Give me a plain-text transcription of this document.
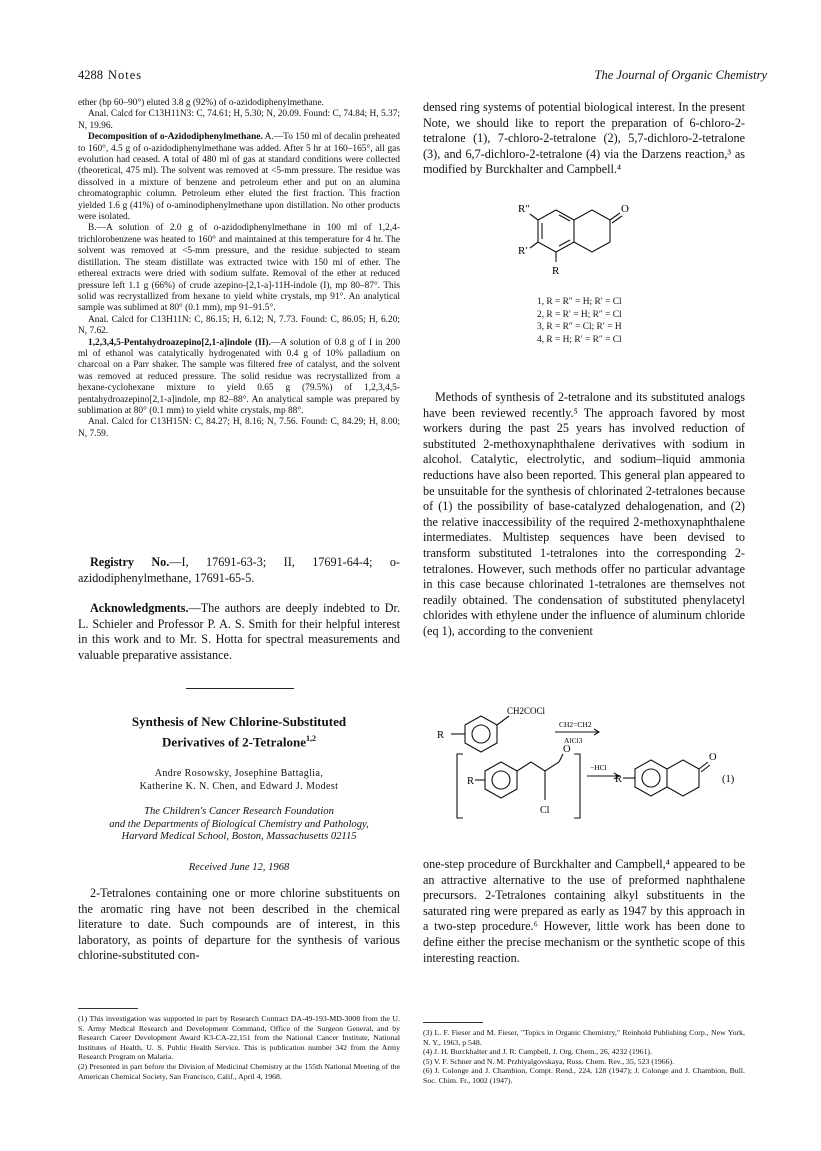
4288 Notes	The Journal of Organic Chemistry

ether (bp 60–90°) eluted 3.8 g (92%) of o-azidodiphenylmethane.

Anal. Calcd for C13H11N3: C, 74.61; H, 5.30; N, 20.09. Found: C, 74.84; H, 5.37; N, 19.96.

Decomposition of o-Azidodiphenylmethane. A.—To 150 ml of decalin preheated to 160°, 4.5 g of o-azidodiphenylmethane was added. After 5 hr at 160–165°, all gas evolution had ceased. A total of 480 ml of gas at standard conditions were collected (theoretical, 475 ml). The solvent was removed at <5-mm pressure. The residue was dissolved in a mixture of benzene and petroleum ether and put on an alumina chromatographic column. Petroleum ether eluted the first fraction. This fraction yielded 1.6 g (41%) of o-aminodiphenylmethane upon distillation. No other products were isolated.

B.—A solution of 2.0 g of o-azidodiphenylmethane in 100 ml of 1,2,4-trichlorobenzene was heated to 160° and maintained at this temperature for 4 hr. The solvent was removed at <5-mm pressure, and the residue subjected to steam distillation. The steam distillate was extracted twice with 150 ml of ether. The ethereal extracts were dried with sodium sulfate. Removal of the ether at reduced pressure left 1.1 g (66%) of crude azepino-[2,1-a]-11H-indole (I), mp 80–87°. This solid was recrystallized from hexane to yield white crystals, mp 91°. An analytical sample was sublimed at 80° (0.1 mm), mp 91–91.5°.

Anal. Calcd for C13H11N: C, 86.15; H, 6.12; N, 7.73. Found: C, 86.05; H, 6.20; N, 7.62.

1,2,3,4,5-Pentahydroazepino[2,1-a]indole (II).—A solution of 0.8 g of I in 200 ml of ethanol was catalytically hydrogenated with 0.4 g of 10% palladium on charcoal on a Parr shaker. The sample was filtered free of catalyst, and the solvent was removed at reduced pressure. The solid residue was recrystallized from a hexane-cyclohexane mixture to yield 0.65 g (79.5%) of 1,2,3,4,5-pentahydroazepino[2,1-a]indole, mp 82–88°. An analytical sample was prepared by sublimation at 80° (0.1 mm) to yield white crystals, mp 88°.

Anal. Calcd for C13H15N: C, 84.27; H, 8.16; N, 7.56. Found: C, 84.29; H, 8.00; N, 7.59.

Registry No.—I, 17691-63-3; II, 17691-64-4; o-azidodiphenylmethane, 17691-65-5.

Acknowledgments.—The authors are deeply indebted to Dr. L. Schieler and Professor P. A. S. Smith for their helpful interest in this work and to Mr. S. Hotta for spectral measurements and valuable preparative assistance.

Synthesis of New Chlorine-Substituted
Derivatives of 2-Tetralone$^{1,2}$
Andre Rosowsky, Josephine Battaglia,
Katherine K. N. Chen, and Edward J. Modest
The Children's Cancer Research Foundation
and the Departments of Biological Chemistry and Pathology,
Harvard Medical School, Boston, Massachusetts 02115
Received June 12, 1968

2-Tetralones containing one or more chlorine substituents on the aromatic ring have not been described in the chemical literature to date. Such compounds are of interest, in this laboratory, as points of departure for the synthesis of various chlorine-substituted con-

(1) This investigation was supported in part by Research Contract DA-49-193-MD-3008 from the U. S. Army Medical Research and Development Command, Office of the Surgeon General, and by Research Career Development Award K3-CA-22,151 from the National Cancer Institute, National Institutes of Health, U. S. Public Health Service. This is publication number 342 from the Army Research Program on Malaria.

(2) Presented in part before the Division of Medicinal Chemistry at the 155th National Meeting of the American Chemical Society, San Francisco, Calif., April 4, 1968.

densed ring systems of potential biological interest. In the present Note, we should like to report the preparation of 6-chloro-2-tetralone (1), 7-chloro-2-tetralone (2), 5,7-dichloro-2-tetralone (3), and 6,7-dichloro-2-tetralone (4) via the Darzens reaction,³ as modified by Burckhalter and Campbell.⁴

R″
R′
R
O
1, R = R″ = H; R′ = Cl
2, R = R′ = H; R″ = Cl
3, R = R″ = Cl; R′ = H
4, R = H; R′ = R″ = Cl

Methods of synthesis of 2-tetralone and its substituted analogs have been reviewed recently.⁵ The approach favored by most workers during the past 25 years has involved reduction of substituted 2-methoxynaphthalene derivatives with sodium in alcohol. Catalytic, electrolytic, and sodium–liquid ammonia reductions have also been reported. This general plan appeared to be unsuitable for the synthesis of chlorinated 2-tetralones because of (1) the possibility of base-catalyzed dehalogenation, and (2) the relative inaccessibility of the required 2-methoxynaphthalene intermediates. Multistep sequences have been devised to transform substituted 1-tetralones into the corresponding 2-tetralones. However, such methods offer no particular advantage in this case because chlorinated 1-tetralones are themselves not readily obtained. The condensation of substituted phenylacetyl chlorides with ethylene under the influence of aluminum chloride (eq 1), according to the convenient

R
CH2COCl
CH2=CH2
AlCl3
R
O
Cl
−HCl
R
O
(1)

one-step procedure of Burckhalter and Campbell,⁴ appeared to be an attractive alternative to the use of preformed naphthalene precursors. 2-Tetralones containing alkyl substituents in the saturated ring were prepared as early as 1947 by this approach in a two-step procedure.⁶ However, little work has been done to define either the precise mechanism or the synthetic scope of this interesting reaction.

(3) L. F. Fieser and M. Fieser, "Topics in Organic Chemistry," Reinhold Publishing Corp., New York, N. Y., 1963, p 548.

(4) J. H. Burckhalter and J. R. Campbell, J. Org. Chem., 26, 4232 (1961).

(5) V. F. Schner and N. M. Przhiyalgovskaya, Russ. Chem. Rev., 35, 523 (1966).

(6) J. Colonge and J. Chambion, Compt. Rend., 224, 128 (1947); J. Colonge and J. Chambion, Bull. Soc. Chim. Fr., 1002 (1947).
